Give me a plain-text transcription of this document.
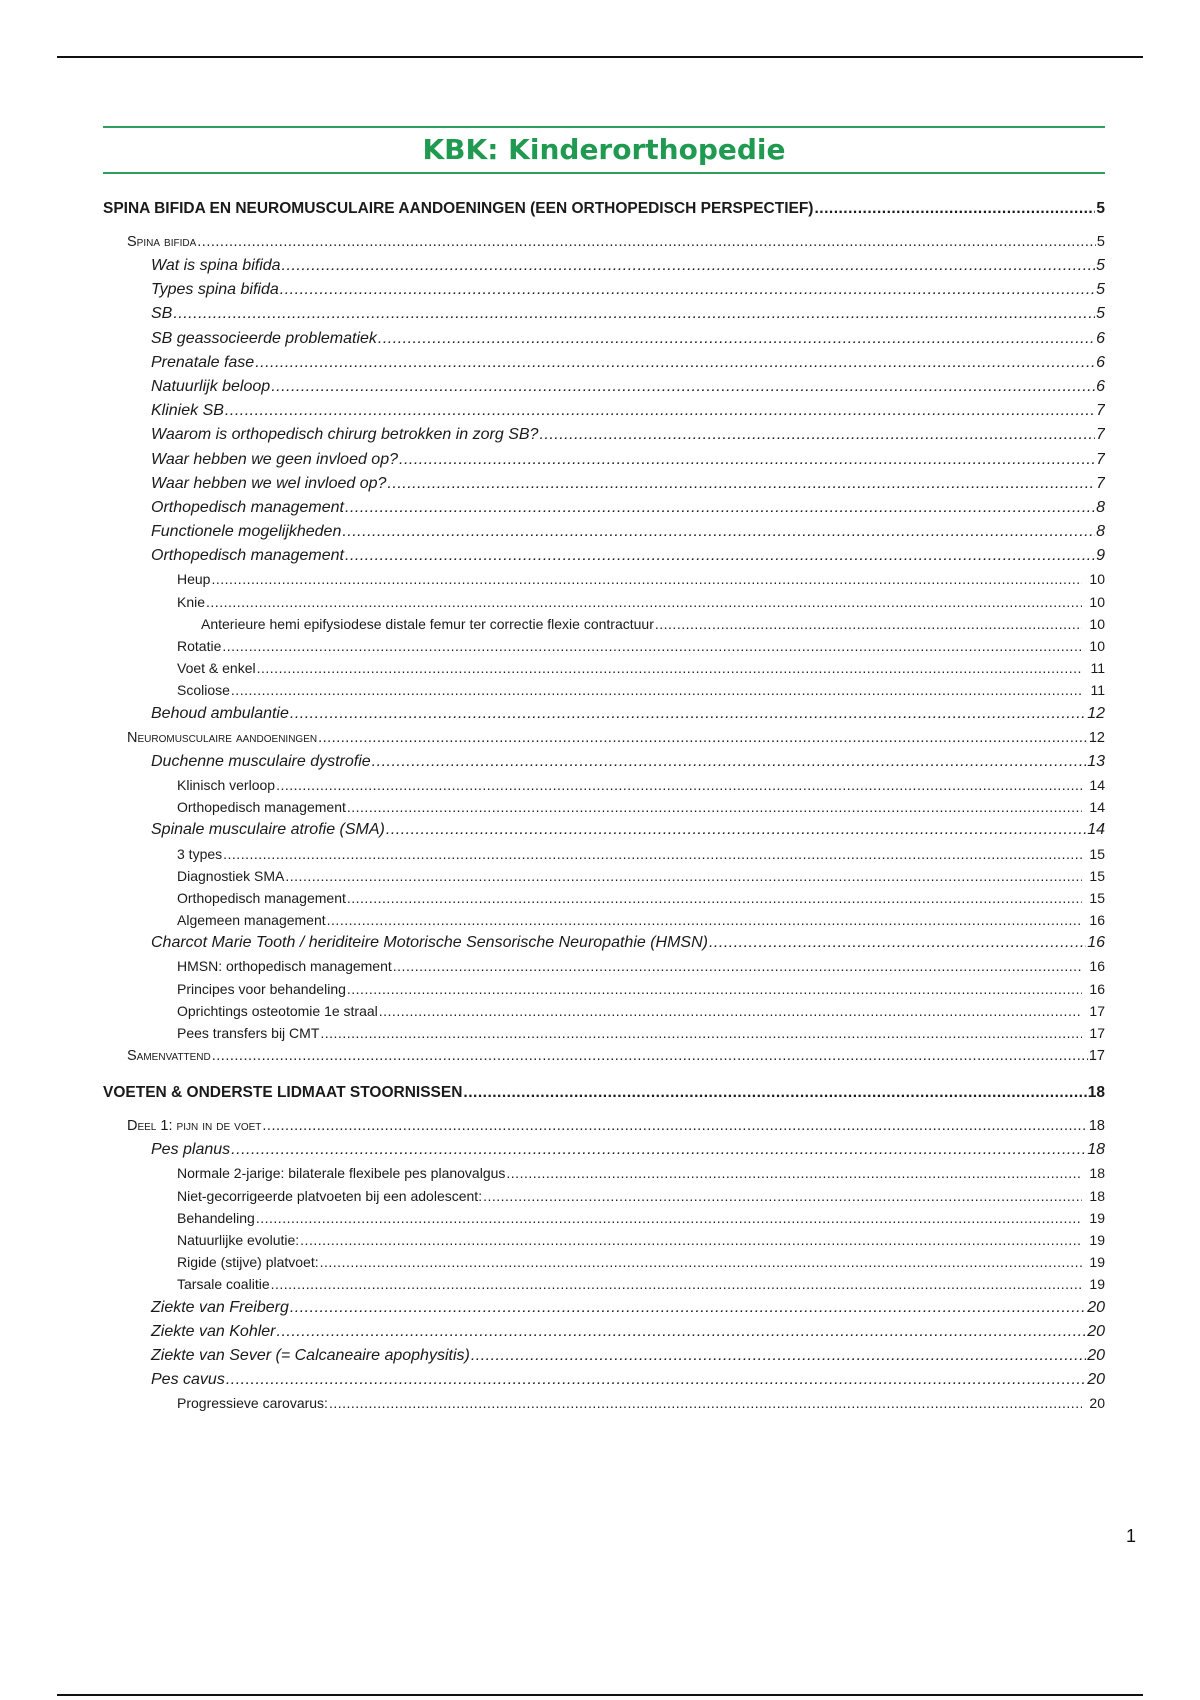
KBK: Kinderorthopedie
SPINA BIFIDA EN NEUROMUSCULAIRE AANDOENINGEN (EEN ORTHOPEDISCH PERSPECTIEF) .....	5
Spina bifida .....	5
Wat is spina bifida .....	5
Types spina bifida .....	5
SB .....	5
SB geassocieerde problematiek .....	6
Prenatale fase .....	6
Natuurlijk beloop .....	6
Kliniek SB .....	7
Waarom is orthopedisch chirurg betrokken in zorg SB? .....	7
Waar hebben we geen invloed op? .....	7
Waar hebben we wel invloed op? .....	7
Orthopedisch management .....	8
Functionele mogelijkheden .....	8
Orthopedisch management .....	9
Heup .....	10
Knie .....	10
Anterieure hemi epifysiodese distale femur ter correctie flexie contractuur .....	10
Rotatie .....	10
Voet & enkel .....	11
Scoliose .....	11
Behoud ambulantie .....	12
Neuromusculaire aandoeningen .....	12
Duchenne musculaire dystrofie .....	13
Klinisch verloop .....	14
Orthopedisch management .....	14
Spinale musculaire atrofie (SMA) .....	14
3 types .....	15
Diagnostiek SMA .....	15
Orthopedisch management .....	15
Algemeen management .....	16
Charcot Marie Tooth / heriditeire Motorische Sensorische Neuropathie (HMSN) .....	16
HMSN: orthopedisch management .....	16
Principes voor behandeling .....	16
Oprichtings osteotomie 1e straal .....	17
Pees transfers bij CMT .....	17
Samenvattend .....	17
VOETEN & ONDERSTE LIDMAAT STOORNISSEN .....	18
Deel 1: pijn in de voet .....	18
Pes planus .....	18
Normale 2-jarige: bilaterale flexibele pes planovalgus .....	18
Niet-gecorrigeerde platvoeten bij een adolescent: .....	18
Behandeling .....	19
Natuurlijke evolutie: .....	19
Rigide (stijve) platvoet: .....	19
Tarsale coalitie .....	19
Ziekte van Freiberg .....	20
Ziekte van Kohler .....	20
Ziekte van Sever (= Calcaneaire apophysitis) .....	20
Pes cavus .....	20
Progressieve carovarus: .....	20
1
